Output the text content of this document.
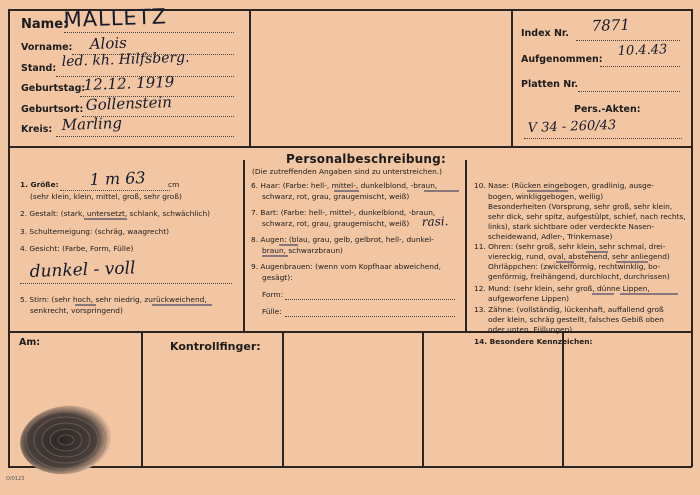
Name:
MALLETZ
Vorname: Alois
Stand: led. kh. Hilfsberg.
Geburtstag:
12.12. 1919
Geburtsort: Gollenstein
Kreis: Marling
Index Nr. 7871
Aufgenommen:
10.4.43
Platten Nr.
Pers.-Akten:
V 34 - 260/43
Personalbeschreibung:
(Die zutreffenden Angaben sind zu unterstreichen.)
1. Größe: 1 m 63	cm
(sehr klein, klein, mittel, groß, sehr groß)
2. Gestalt: (stark, untersetzt, schlank, schwächlich)
3. Schulterneigung: (schräg, waagrecht)
4. Gesicht: (Farbe, Form, Fülle)
dunkel - voll
5. Stirn: (sehr hoch, sehr niedrig, zurückweichend,
senkrecht, vorspringend)
6. Haar: (Farbe: hell-, mittel-, dunkelblond, -braun,
schwarz, rot, grau, graugemischt, weiß)
7. Bart: (Farbe: hell-, mittel-, dunkelblond, -braun,
schwarz, rot, grau, graugemischt, weiß) rasi.
8. Augen: (blau, grau, gelb, gelbrot, hell-, dunkel-
braun, schwarzbraun)
9. Augenbrauen: (wenn vom Kopfhaar abweichend,
gesägt):
Form:
Fülle:
10. Nase: (Rücken eingebogen, gradlinig, ausge-
bogen, winkliggebogen, wellig)
Besonderheiten (Vorsprung, sehr groß, sehr klein,
sehr dick, sehr spitz, aufgestülpt, schief, nach rechts,
links), stark sichtbare oder verdeckte Nasen-
scheidewand, Adler-, Trinkernase)
11. Ohren: (sehr groß, sehr klein, sehr schmal, drei-
viereckig, rund, oval, abstehend, sehr anliegend)
Ohrläppchen: (zwickelförmig, rechtwinklig, bo-
genförmig, freihängend, durchlocht, durchrissen)
12. Mund: (sehr klein, sehr groß, dünne Lippen,
aufgeworfene Lippen)
13. Zähne: (vollständig, lückenhaft, auffallend groß
oder klein, schräg gestellt, falsches Gebiß oben
oder unten, Füllungen)
14. Besondere Kennzeichen:
Am:	Kontrollfinger:
O/0123
